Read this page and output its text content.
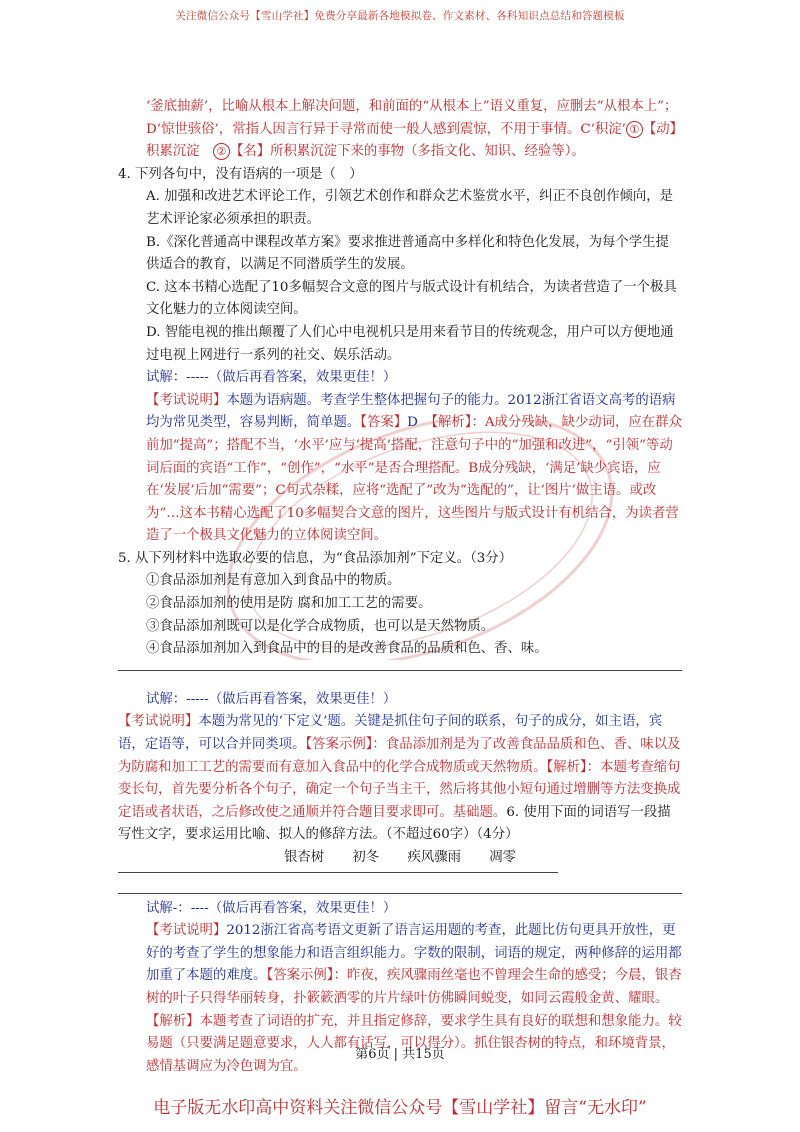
关注微信公众号【雪山学社】免费分享最新各地模拟卷、作文素材、各科知识点总结和答题模板

‘釜底抽薪’，比喻从根本上解决问题，和前面的“从根本上”语义重复，应删去“从根本上”；D‘惊世骇俗’，常指人因言行异于寻常而使一般人感到震惊，不用于事情。C‘积淀’ ① 【动】积累沉淀　 ② 【名】所积累沉淀下来的事物（多指文化、知识、经验等）。

4. 下列各句中，没有语病的一项是（　）

A. 加强和改进艺术评论工作，引领艺术创作和群众艺术鉴赏水平，纠正不良创作倾向，是艺术评论家必须承担的职责。

B.《深化普通高中课程改革方案》要求推进普通高中多样化和特色化发展，为每个学生提供适合的教育，以满足不同潜质学生的发展。

C. 这本书精心选配了10多幅契合文意的图片与版式设计有机结合，为读者营造了一个极具文化魅力的立体阅读空间。

D. 智能电视的推出颠覆了人们心中电视机只是用来看节目的传统观念，用户可以方便地通过电视上网进行一系列的社交、娱乐活动。

试解：-----（做后再看答案，效果更佳！）

【考试说明】本题为语病题。考查学生整体把握句子的能力。2012浙江省语文高考的语病均为常见类型，容易判断，简单题。【答案】D　 【解析】：A成分残缺，缺少动词，应在群众前加“提高”；搭配不当，‘水平’应与‘提高’搭配，注意句子中的“加强和改进”，“引领”等动词后面的宾语“工作”，“创作”，“水平”是否合理搭配。B成分残缺，‘满足’缺少宾语，应在‘发展’后加“需要”；C句式杂糅，应将“选配了”改为“选配的”，让‘图片’做主语。或改为“…这本书精心选配了10多幅契合文意的图片，这些图片与版式设计有机结合，为读者营造了一个极具文化魅力的立体阅读空间。

5. 从下列材料中选取必要的信息，为“食品添加剂”下定义。（3分）

①食品添加剂是有意加入到食品中的物质。

②食品添加剂的使用是防 腐和加工工艺的需要。

③食品添加剂既可以是化学合成物质，也可以是天然物质。

④食品添加剂加入到食品中的目的是改善食品的品质和色、香、味。

试解：-----（做后再看答案，效果更佳！）

【考试说明】本题为常见的‘下定义’题。关键是抓住句子间的联系，句子的成分，如主语，宾语，定语等，可以合并同类项。【答案示例】：食品添加剂是为了改善食品品质和色、香、味以及为防腐和加工工艺的需要而有意加入食品中的化学合成物质或天然物质。【解析】：本题考查缩句变长句，首先要分析各个句子，确定一个句子当主干，然后将其他小短句通过增删等方法变换成定语或者状语，之后修改使之通顺并符合题目要求即可。基础题。6. 使用下面的词语写一段描写性文字，要求运用比喻、拟人的修辞方法。（不超过60字）（4分）

银杏树 初冬 疾风骤雨 凋零

试解-：----（做后再看答案，效果更佳！）

【考试说明】2012浙江省高考语文更新了语言运用题的考查，此题比仿句更具开放性，更好的考查了学生的想象能力和语言组织能力。字数的限制，词语的规定，两种修辞的运用都加重了本题的难度。【答案示例】：昨夜，疾风骤雨丝毫也不曾理会生命的感受；今晨，银杏树的叶子只得华丽转身，扑簌簌洒零的片片绿叶仿佛瞬间蜕变，如同云霞般金黄、耀眼。【解析】本题考查了词语的扩充，并且指定修辞，要求学生具有良好的联想和想象能力。较易题（只要满足题意要求，人人都有话写，可以得分）。抓住银杏树的特点，和环境背景，感情基调应为冷色调为宜。

第6页 | 共15页
电子版无水印高中资料关注微信公众号【雪山学社】留言“无水印”
